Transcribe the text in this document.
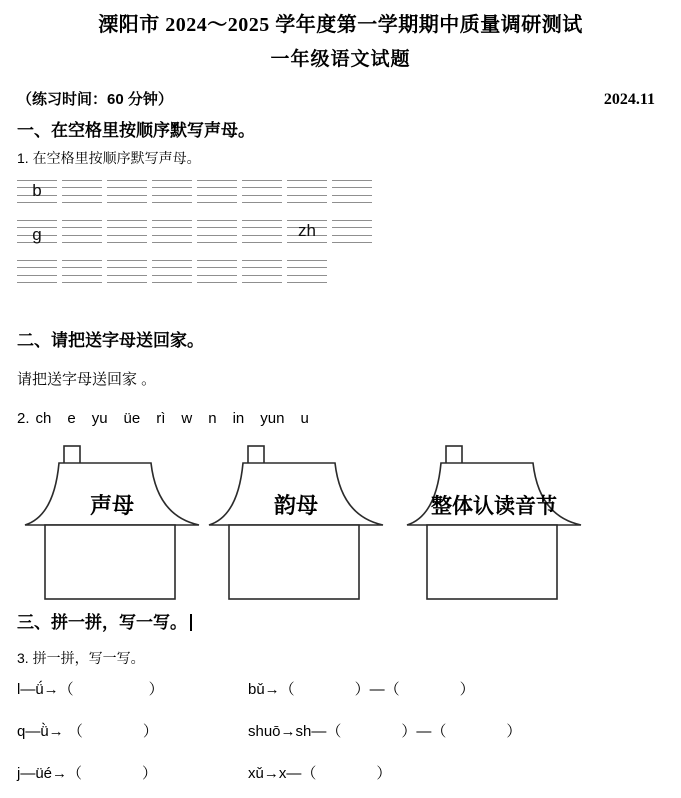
溧阳市 2024～2025 学年度第一学期期中质量调研测试
一年级语文试题
（练习时间：60 分钟）	2024.11
一、在空格里按顺序默写声母。
1. 在空格里按顺序默写声母。
b
g	zh
二、请把送字母送回家。
请把送字母送回家 。
2. ch e yu üe rì w n in yun u
声母	韵母	整体认读音节
三、拼一拼，写一写。
3. 拼一拼，写一写。
l—ǘ→（　　　　　）	bǔ→（　　　　）—（　　　　）
q—ǜ→ （　　　　）	shuō→sh—（　　　　）—（　　　　）
j—üé→（　　　　）	xǔ→x—（　　　　）
